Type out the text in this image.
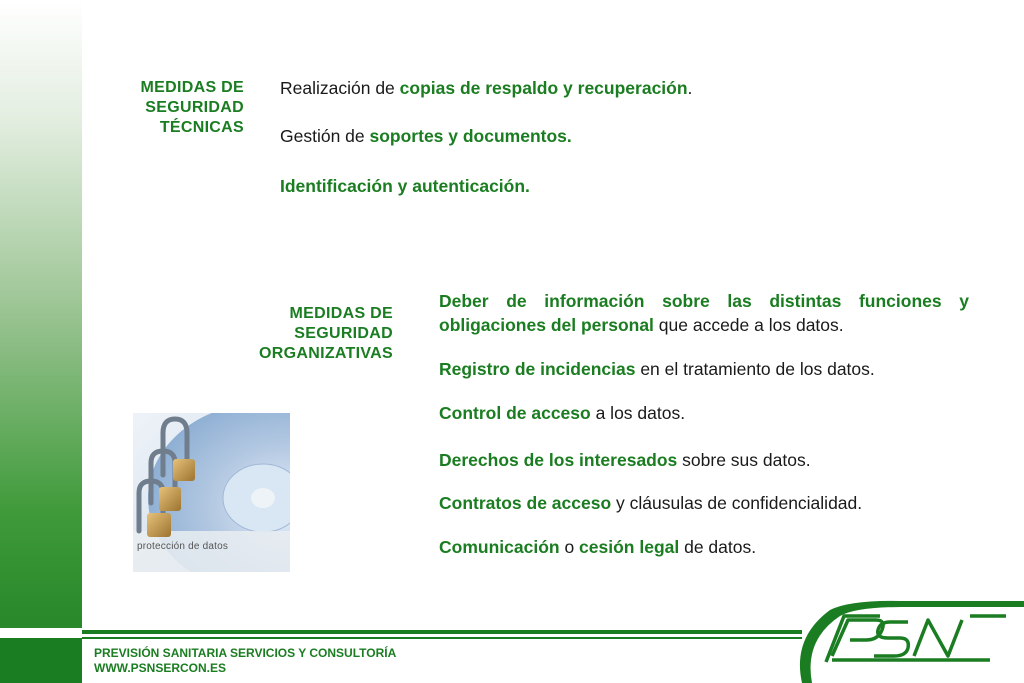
MEDIDAS DE SEGURIDAD TÉCNICAS
Realización de copias de respaldo y recuperación.
Gestión de soportes y documentos.
Identificación y autenticación.
MEDIDAS DE SEGURIDAD ORGANIZATIVAS
Deber de información sobre las distintas funciones y obligaciones del personal que accede a los datos.
Registro de incidencias en el tratamiento de los datos.
Control de acceso a los datos.
Derechos de los interesados sobre sus datos.
Contratos de acceso y cláusulas de confidencialidad.
Comunicación o cesión legal de datos.
protección de datos
PREVISIÓN SANITARIA SERVICIOS Y CONSULTORÍA
WWW.PSNSERCON.ES
